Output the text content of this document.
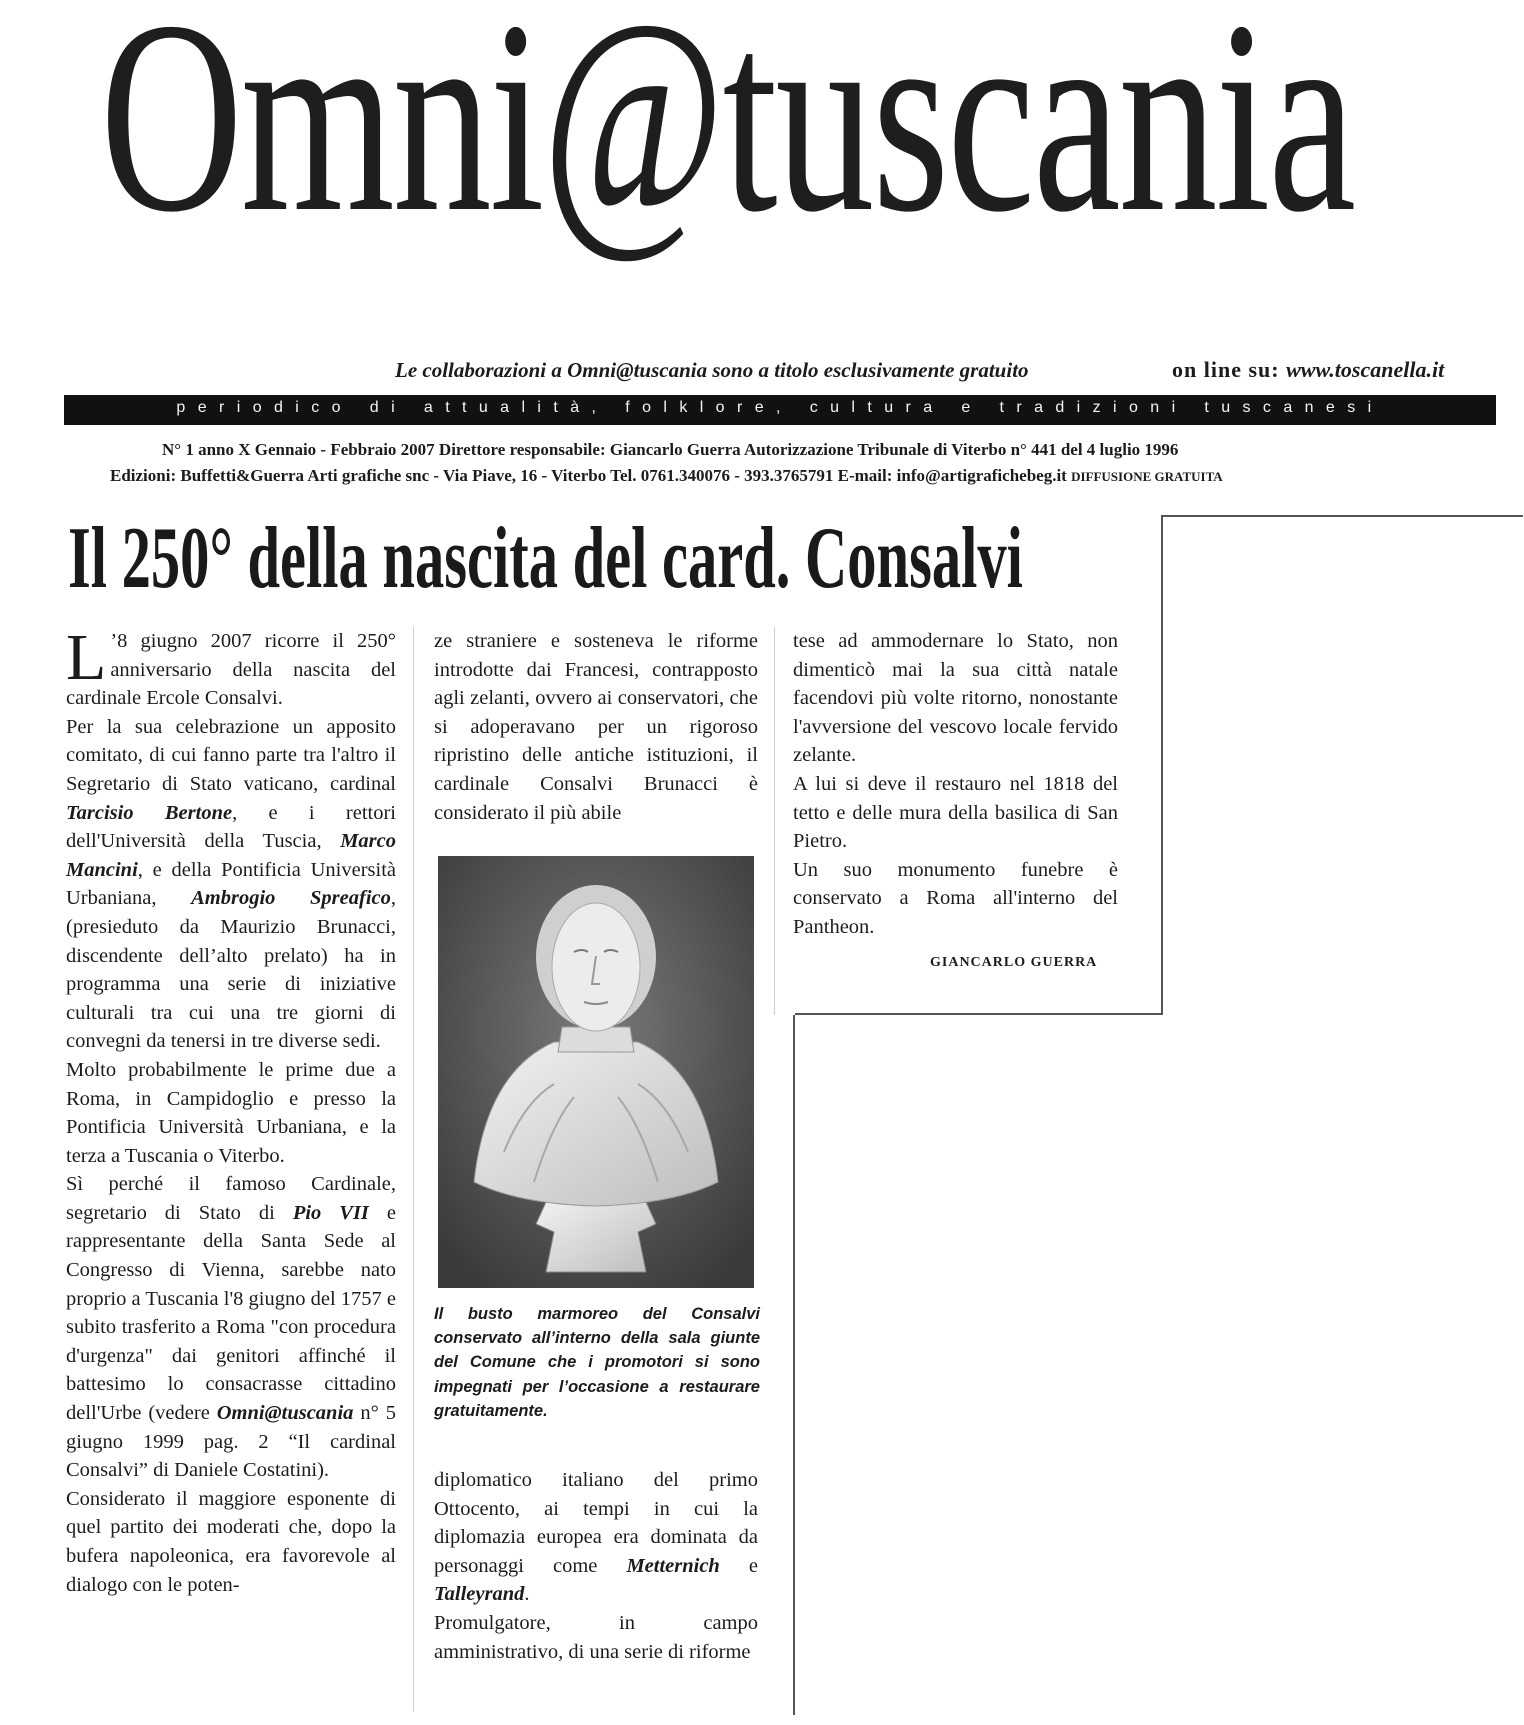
Omni@tuscania
Le collaborazioni a Omni@tuscania sono a titolo esclusivamente gratuito	on line su: www.toscanella.it
periodico di attualità, folklore, cultura e tradizioni tuscanesi
N° 1 anno X Gennaio - Febbraio 2007 Direttore responsabile: Giancarlo Guerra Autorizzazione Tribunale di Viterbo n° 441 del 4 luglio 1996
Edizioni: Buffetti&Guerra Arti grafiche snc - Via Piave, 16 - Viterbo Tel. 0761.340076 - 393.3765791 E-mail: info@artigrafichebeg.it DIFFUSIONE GRATUITA
Il 250° della nascita del card. Consalvi

L ’8 giugno 2007 ricorre il 250° anniversario della nascita del cardinale Ercole Consalvi.

Per la sua celebrazione un apposito comitato, di cui fanno parte tra l'altro il Segretario di Stato vaticano, cardinal Tarcisio Bertone, e i rettori dell'Università della Tuscia, Marco Mancini, e della Pontificia Università Urbaniana, Ambrogio Spreafico, (presieduto da Maurizio Brunacci, discendente dell’alto prelato) ha in programma una serie di iniziative culturali tra cui una tre giorni di convegni da tenersi in tre diverse sedi.

Molto probabilmente le prime due a Roma, in Campidoglio e presso la Pontificia Università Urbaniana, e la terza a Tuscania o Viterbo.

Sì perché il famoso Cardinale, segretario di Stato di Pio VII e rappresentante della Santa Sede al Congresso di Vienna, sarebbe nato proprio a Tuscania l'8 giugno del 1757 e subito trasferito a Roma "con procedura d'urgenza" dai genitori affinché il battesimo lo consacrasse cittadino dell'Urbe (vedere Omni@tuscania n° 5 giugno 1999 pag. 2 “Il cardinal Consalvi” di Daniele Costatini).

Considerato il maggiore esponente di quel partito dei moderati che, dopo la bufera napoleonica, era favorevole al dialogo con le poten-

ze straniere e sosteneva le riforme introdotte dai Francesi, contrapposto agli zelanti, ovvero ai conservatori, che si adoperavano per un rigoroso ripristino delle antiche istituzioni, il cardinale Consalvi Brunacci è considerato il più abile

Il busto marmoreo del Consalvi conservato all’interno della sala giunte del Comune che i promotori si sono impegnati per l’occasione a restaurare gratuitamente.

diplomatico italiano del primo Ottocento, ai tempi in cui la diplomazia europea era dominata da personaggi come Metternich e Talleyrand.

Promulgatore, in campo amministrativo, di una serie di riforme

tese ad ammodernare lo Stato, non dimenticò mai la sua città natale facendovi più volte ritorno, nonostante l'avversione del vescovo locale fervido zelante.

A lui si deve il restauro nel 1818 del tetto e delle mura della basilica di San Pietro.

Un suo monumento funebre è conservato a Roma all'interno del Pantheon.

GIANCARLO GUERRA
